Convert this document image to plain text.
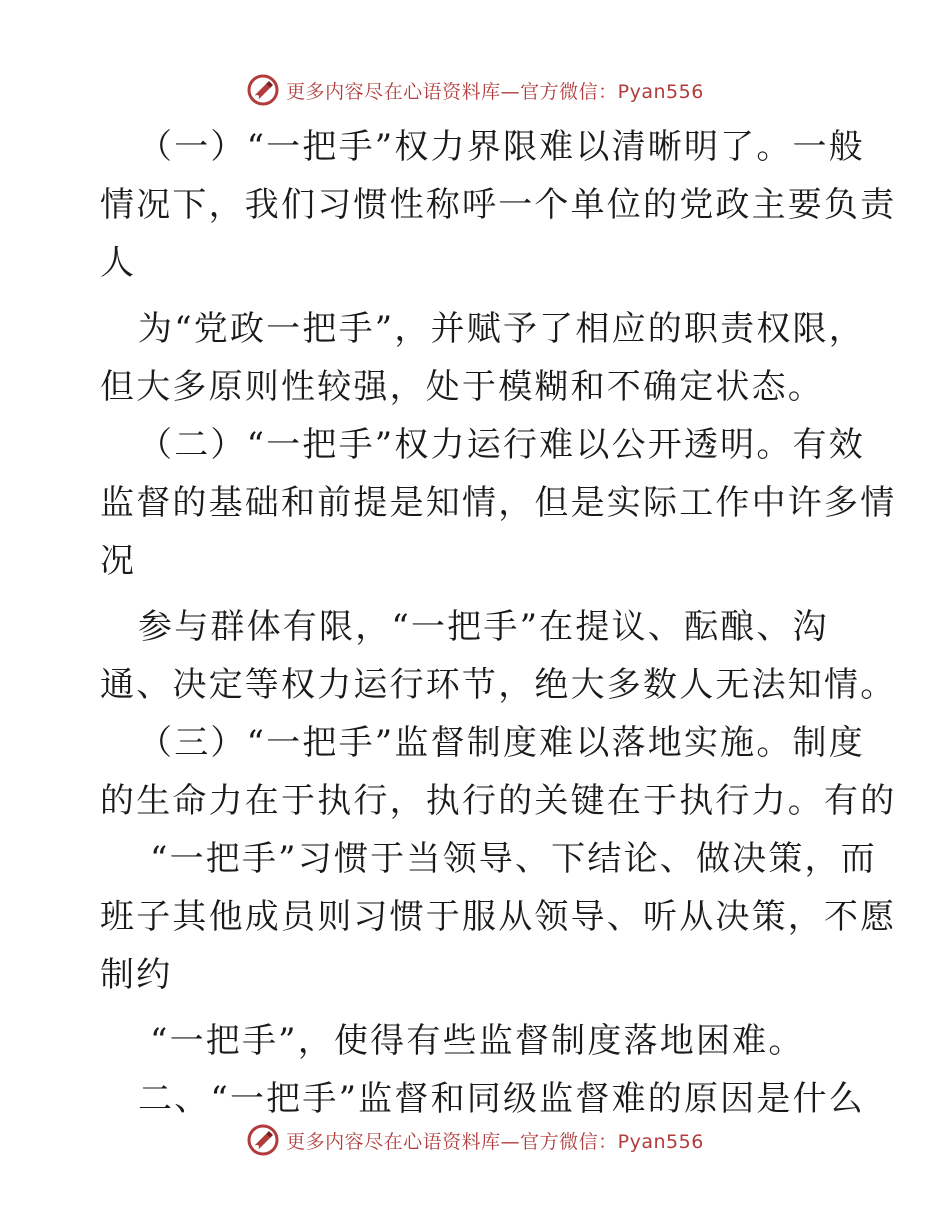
更多内容尽在心语资料库—官方微信：Pyan556
（一）“一把手”权力界限难以清晰明了。一般
情况下，我们习惯性称呼一个单位的党政主要负责
人
为“党政一把手”，并赋予了相应的职责权限，
但大多原则性较强，处于模糊和不确定状态。
（二）“一把手”权力运行难以公开透明。有效
监督的基础和前提是知情，但是实际工作中许多情
况
参与群体有限，“一把手”在提议、酝酿、沟
通、决定等权力运行环节，绝大多数人无法知情。
（三）“一把手”监督制度难以落地实施。制度
的生命力在于执行，执行的关键在于执行力。有的
“一把手”习惯于当领导、下结论、做决策，而
班子其他成员则习惯于服从领导、听从决策，不愿
制约
“一把手”，使得有些监督制度落地困难。
二、“一把手”监督和同级监督难的原因是什么
更多内容尽在心语资料库—官方微信：Pyan556
